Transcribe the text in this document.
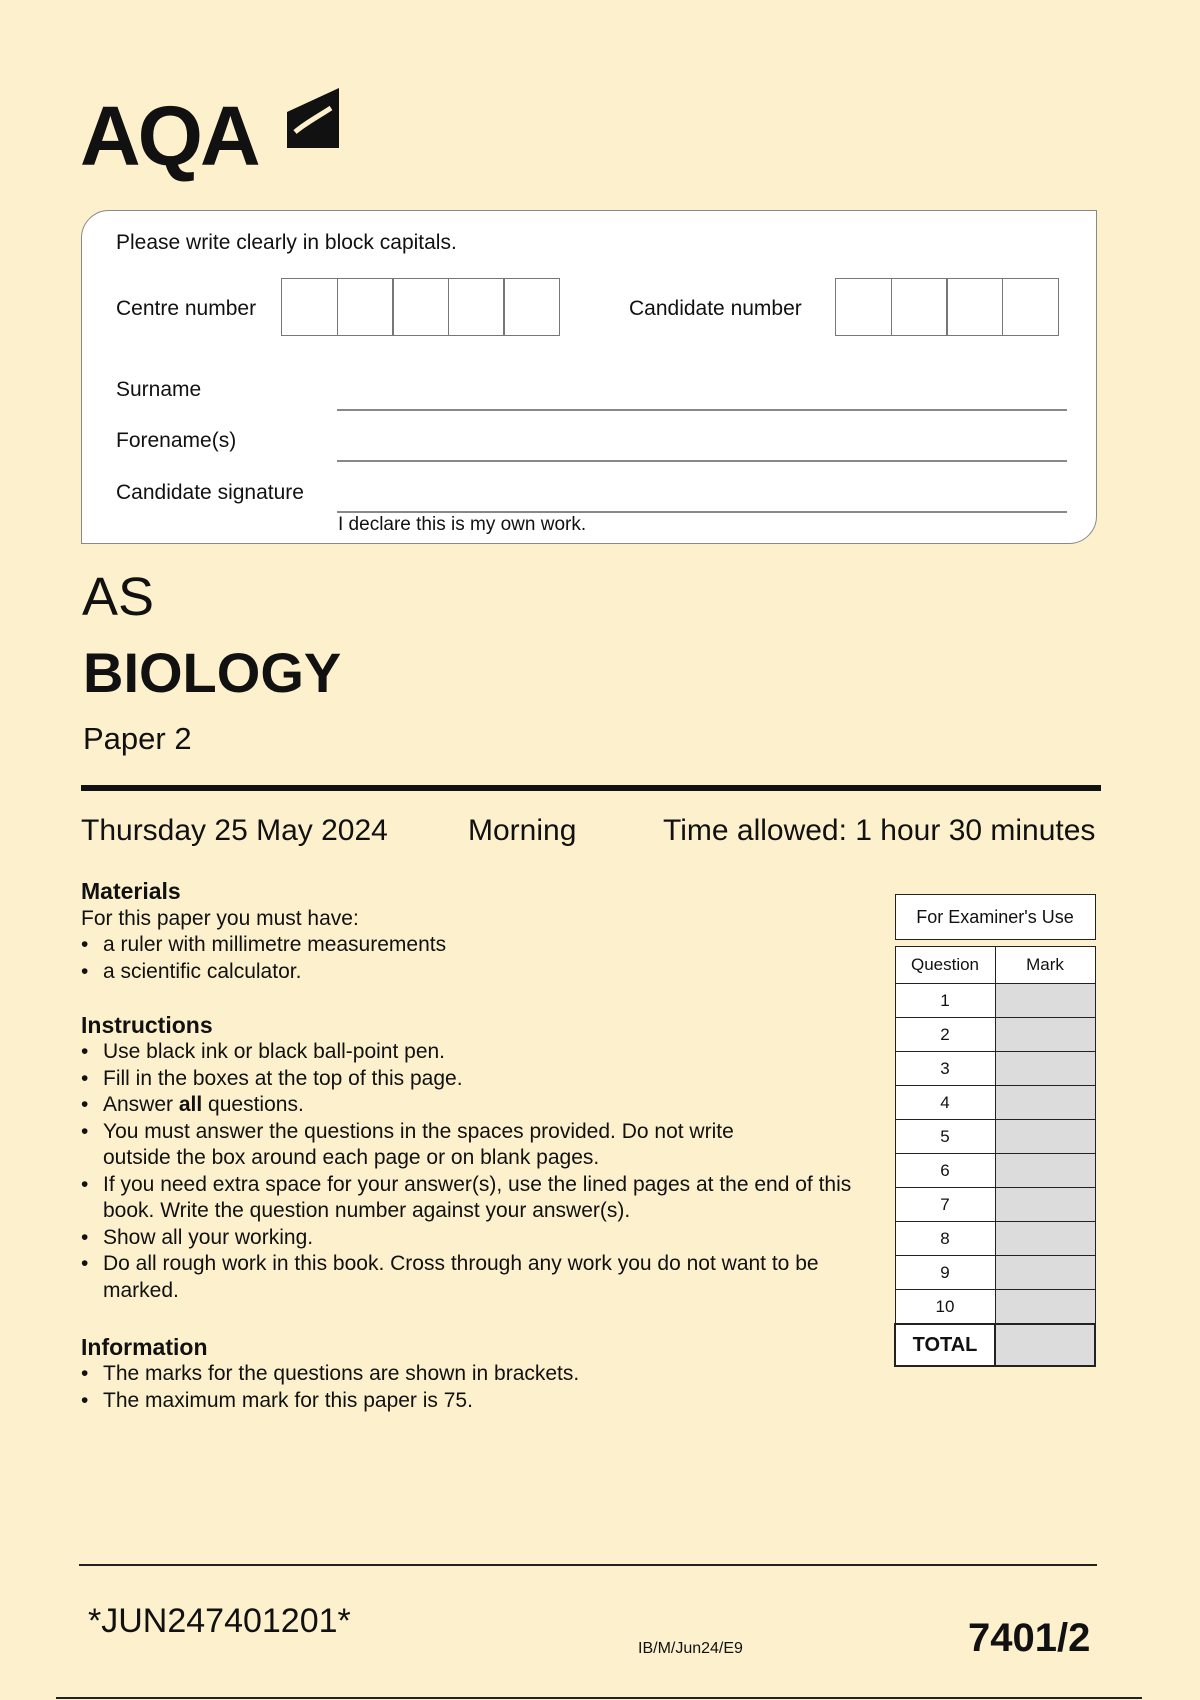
AQA
Please write clearly in block capitals.
Centre number	Candidate number
Surname
Forename(s)
Candidate signature
I declare this is my own work.
AS
BIOLOGY
Paper 2
Thursday 25 May 2024	Morning	Time allowed: 1 hour 30 minutes
Materials
For this paper you must have:
• a ruler with millimetre measurements
• a scientific calculator.
Instructions
• Use black ink or black ball-point pen.
• Fill in the boxes at the top of this page.
• Answer all questions.
• You must answer the questions in the spaces provided. Do not write outside the box around each page or on blank pages.
• If you need extra space for your answer(s), use the lined pages at the end of this book. Write the question number against your answer(s).
• Show all your working.
• Do all rough work in this book. Cross through any work you do not want to be marked.
Information
• The marks for the questions are shown in brackets.
• The maximum mark for this paper is 75.
For Examiner's Use	

Question	Mark
1	
2	
3	
4	
5	
6	
7	
8	
9	
10	
TOTAL	
*JUN247401201*
IB/M/Jun24/E9	7401/2
